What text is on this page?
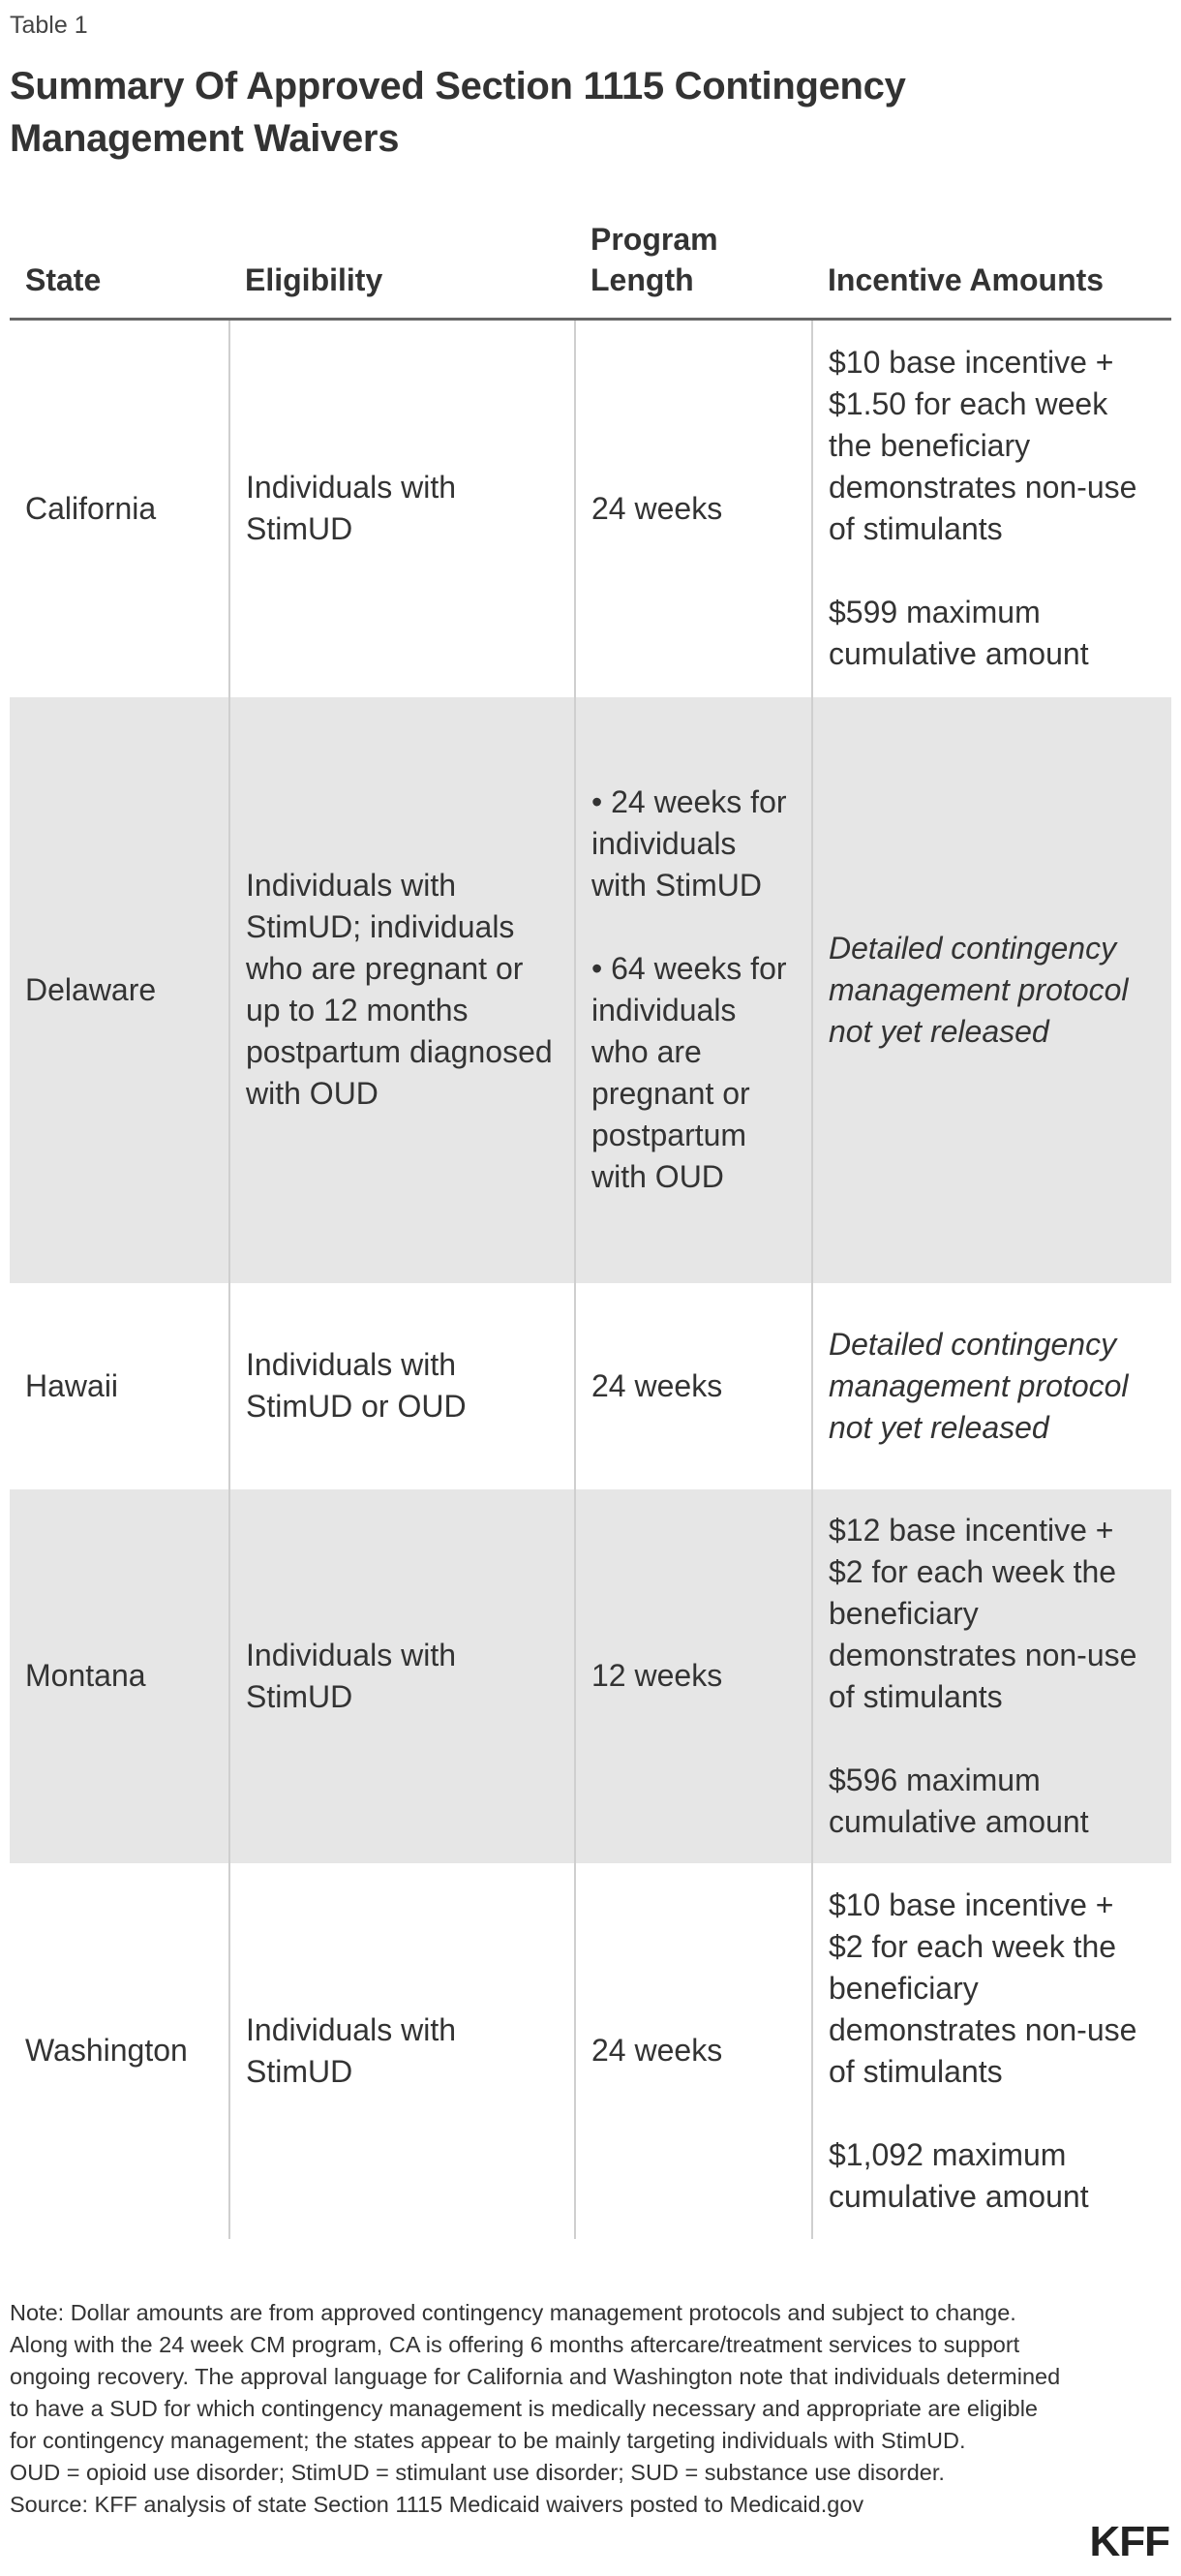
Table 1
Summary Of Approved Section 1115 Contingency Management Waivers
State	Eligibility	Program Length	Incentive Amounts
California	Individuals with StimUD	24 weeks	$10 base incentive + $1.50 for each week the beneficiary demonstrates non-use of stimulants
$599 maximum cumulative amount

Delaware	Individuals with StimUD; individuals who are pregnant or up to 12 months postpartum diagnosed with OUD	• 24 weeks for individuals with StimUD
• 64 weeks for individuals who are pregnant or postpartum with OUD	Detailed contingency management protocol not yet released

Hawaii	Individuals with StimUD or OUD	24 weeks	Detailed contingency management protocol not yet released

Montana	Individuals with StimUD	12 weeks	$12 base incentive + $2 for each week the beneficiary demonstrates non-use of stimulants
$596 maximum cumulative amount

Washington	Individuals with StimUD	24 weeks	$10 base incentive + $2 for each week the beneficiary demonstrates non-use of stimulants
$1,092 maximum cumulative amount

Note: Dollar amounts are from approved contingency management protocols and subject to change. Along with the 24 week CM program, CA is offering 6 months aftercare/treatment services to support ongoing recovery. The approval language for California and Washington note that individuals determined to have a SUD for which contingency management is medically necessary and appropriate are eligible for contingency management; the states appear to be mainly targeting individuals with StimUD.

OUD = opioid use disorder; StimUD = stimulant use disorder; SUD = substance use disorder.

Source: KFF analysis of state Section 1115 Medicaid waivers posted to Medicaid.gov

KFF
